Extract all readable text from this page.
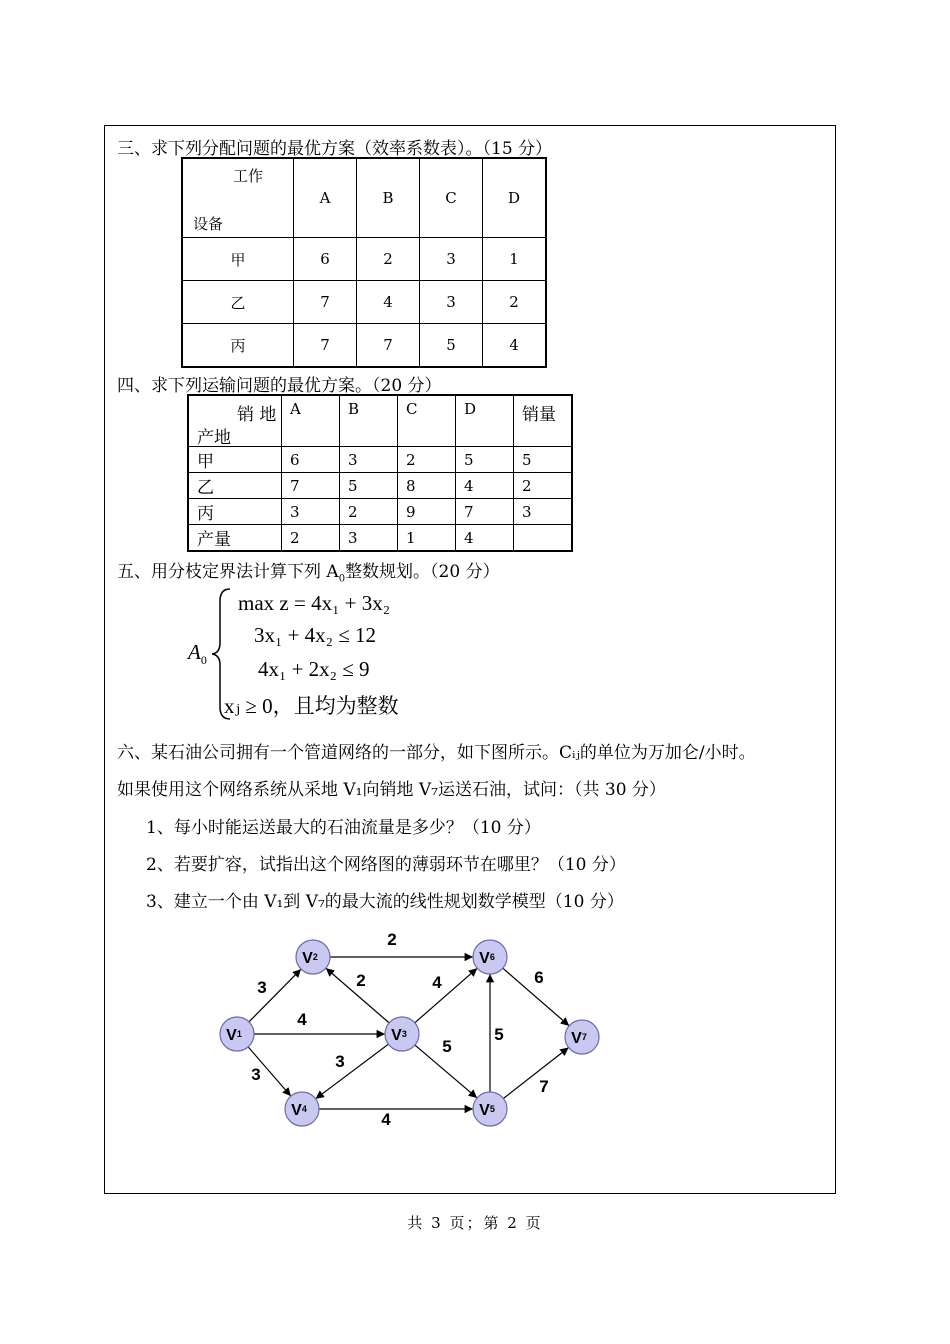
三、求下列分配问题的最优方案（效率系数表）。（15 分）
工作
设备	A	B	C	D
甲	6	2	3	1
乙	7	4	3	2
丙	7	7	5	4
四、求下列运输问题的最优方案。（20 分）
销 地
产地	A	B	C	D	销量
甲	6	3	2	5	5
乙	7	5	8	4	2
丙	3	2	9	7	3
产量	2	3	1	4	
五、用分枝定界法计算下列 $A_0$整数规划。（20 分）
$A_0$
max z = 4x₁ + 3x₂
3x₁ + 4x₂ ≤ 12
4x₁ + 2x₂ ≤ 9
xⱼ ≥ 0，且均为整数
六、某石油公司拥有一个管道网络的一部分，如下图所示。Cᵢⱼ的单位为万加仑/小时。
如果使用这个网络系统从采地 V₁向销地 V₇运送石油，试问：（共 30 分）
1、每小时能运送最大的石油流量是多少？（10 分）
2、若要扩容，试指出这个网络图的薄弱环节在哪里？（10 分）
3、建立一个由 V₁到 V₇的最大流的线性规划数学模型（10 分）
3
4
3
2
2
4
3
5
5
6
4
7
V1
V2
V3
V4	V5
V6
V7
共 3 页；第 2 页
